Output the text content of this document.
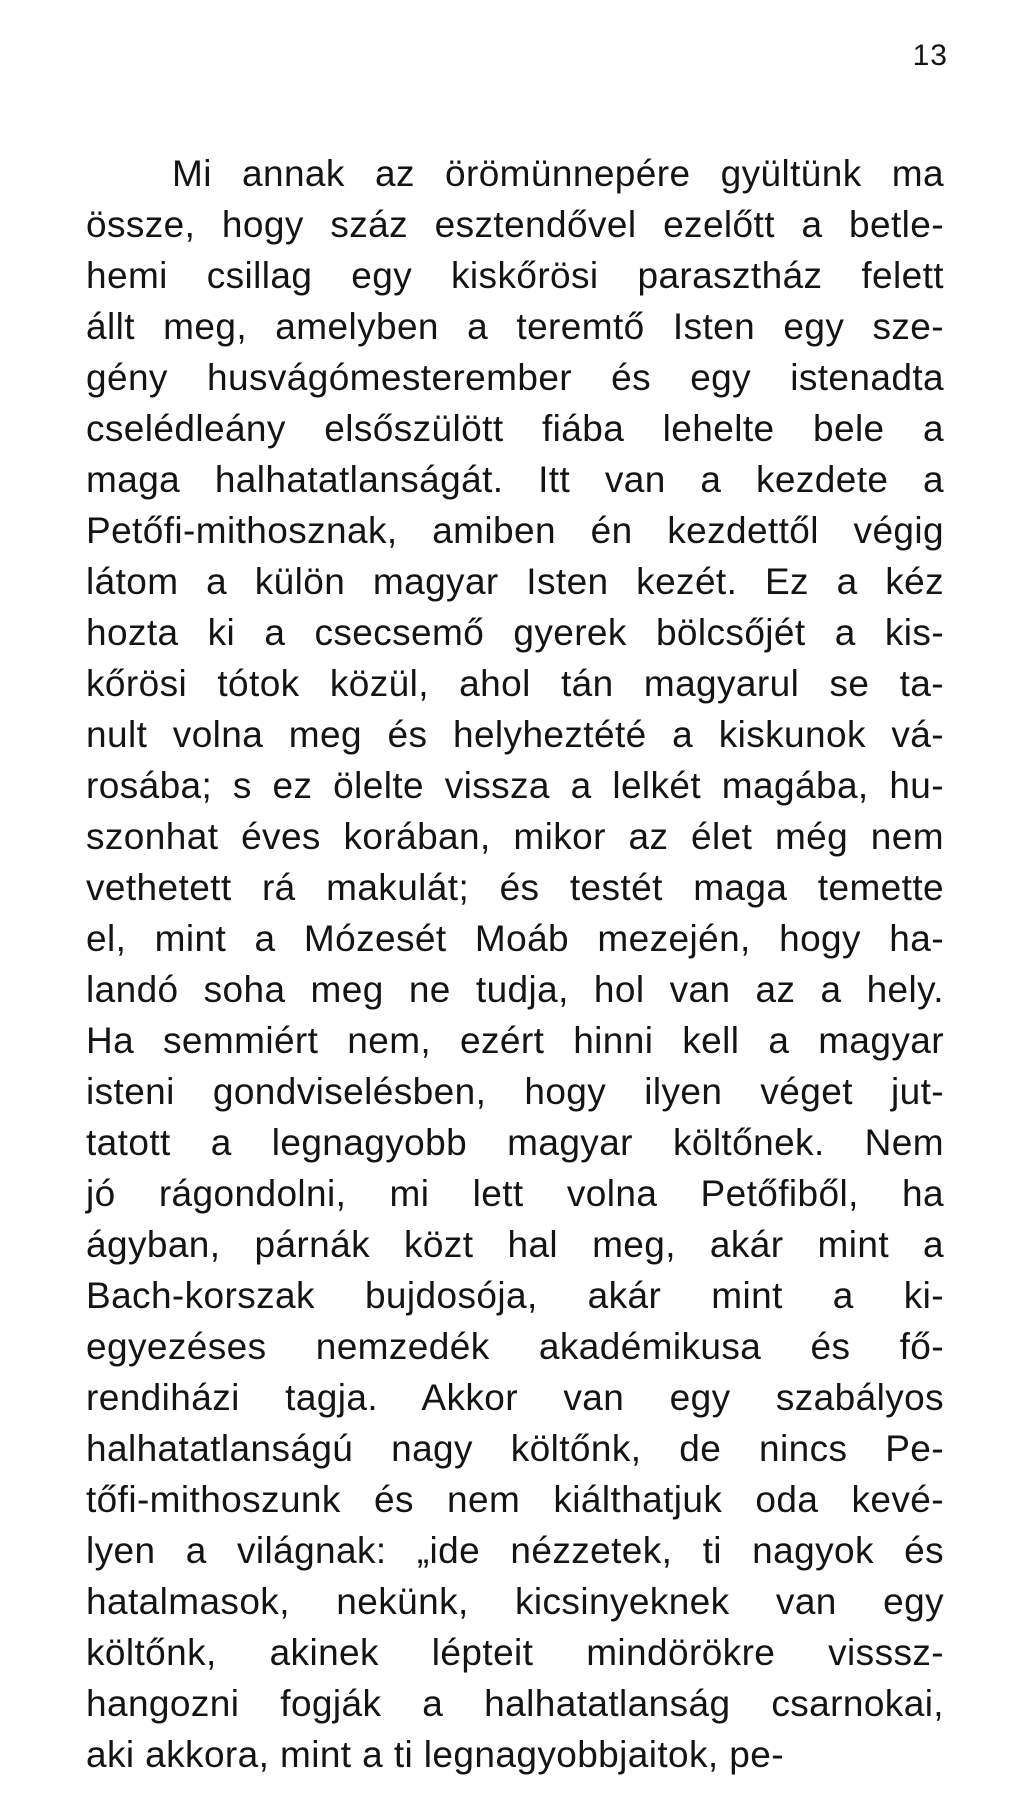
13
Mi annak az örömünnepére gyültünk ma
össze, hogy száz esztendővel ezelőtt a betle-
hemi csillag egy kiskőrösi parasztház felett
állt meg, amelyben a teremtő Isten egy sze-
gény husvágómesterember és egy istenadta
cselédleány elsőszülött fiába lehelte bele a
maga halhatatlanságát. Itt van a kezdete a
Petőfi-mithosznak, amiben én kezdettől végig
látom a külön magyar Isten kezét. Ez a kéz
hozta ki a csecsemő gyerek bölcsőjét a kis-
kőrösi tótok közül, ahol tán magyarul se ta-
nult volna meg és helyheztété a kiskunok vá-
rosába; s ez ölelte vissza a lelkét magába, hu-
szonhat éves korában, mikor az élet még nem
vethetett rá makulát; és testét maga temette
el, mint a Mózesét Moáb mezején, hogy ha-
landó soha meg ne tudja, hol van az a hely.
Ha semmiért nem, ezért hinni kell a magyar
isteni gondviselésben, hogy ilyen véget jut-
tatott a legnagyobb magyar költőnek. Nem
jó rágondolni, mi lett volna Petőfiből, ha
ágyban, párnák közt hal meg, akár mint a
Bach-korszak bujdosója, akár mint a ki-
egyezéses nemzedék akadémikusa és fő-
rendiházi tagja. Akkor van egy szabályos
halhatatlanságú nagy költőnk, de nincs Pe-
tőfi-mithoszunk és nem kiálthatjuk oda kevé-
lyen a világnak: „ide nézzetek, ti nagyok és
hatalmasok, nekünk, kicsinyeknek van egy
költőnk, akinek lépteit mindörökre visssz-
hangozni fogják a halhatatlanság csarnokai,
aki akkora, mint a ti legnagyobbjaitok, pe-
